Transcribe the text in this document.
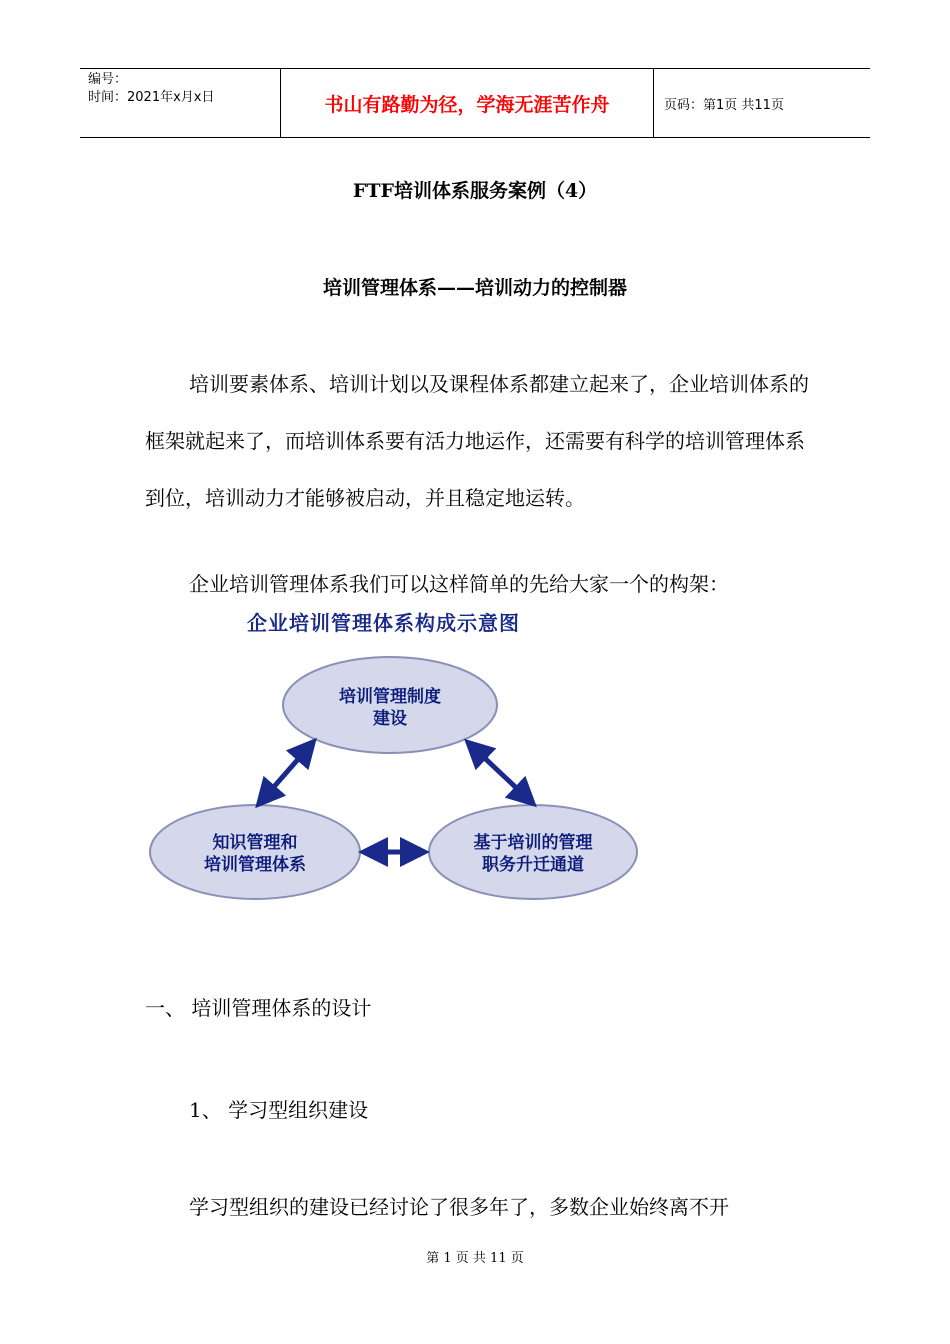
编号：
时间：2021年x月x日	书山有路勤为径，学海无涯苦作舟	页码：第1页 共11页
FTF培训体系服务案例（4）
培训管理体系——培训动力的控制器
培训要素体系、培训计划以及课程体系都建立起来了，企业培训体系的框架就起来了，而培训体系要有活力地运作，还需要有科学的培训管理体系到位，培训动力才能够被启动，并且稳定地运转。
企业培训管理体系我们可以这样简单的先给大家一个的构架：
企业培训管理体系构成示意图
培训管理制度
建设
知识管理和
培训管理体系
基于培训的管理
职务升迁通道
一、 培训管理体系的设计
1、 学习型组织建设
学习型组织的建设已经讨论了很多年了，多数企业始终离不开
第 1 页 共 11 页
